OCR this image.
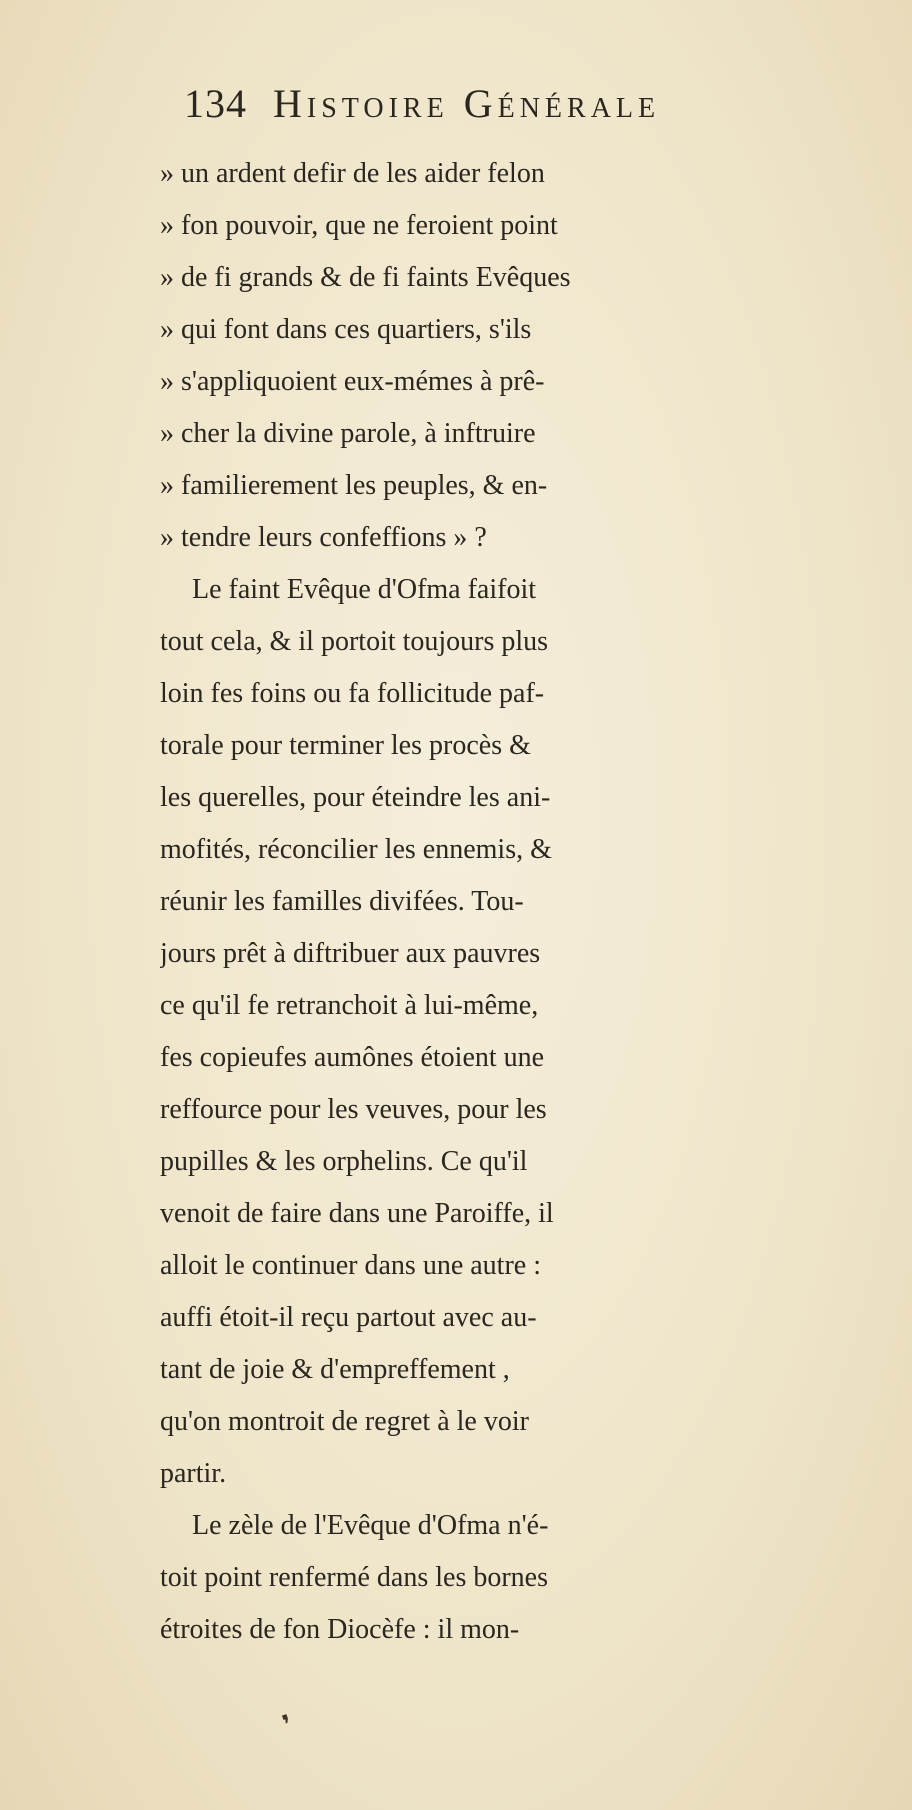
134 Histoire Générale
» un ardent defir de les aider felon
» fon pouvoir, que ne feroient point
» de fi grands & de fi faints Evêques
» qui font dans ces quartiers, s'ils
» s'appliquoient eux-mémes à prê-
» cher la divine parole, à inftruire
» familierement les peuples, & en-
» tendre leurs confeffions » ?
Le faint Evêque d'Ofma faifoit
tout cela, & il portoit toujours plus
loin fes foins ou fa follicitude paf-
torale pour terminer les procès &
les querelles, pour éteindre les ani-
mofités, réconcilier les ennemis, &
réunir les familles divifées. Tou-
jours prêt à diftribuer aux pauvres
ce qu'il fe retranchoit à lui-même,
fes copieufes aumônes étoient une
reffource pour les veuves, pour les
pupilles & les orphelins. Ce qu'il
venoit de faire dans une Paroiffe, il
alloit le continuer dans une autre :
auffi étoit-il reçu partout avec au-
tant de joie & d'empreffement ,
qu'on montroit de regret à le voir
partir.
Le zèle de l'Evêque d'Ofma n'é-
toit point renfermé dans les bornes
étroites de fon Diocèfe : il mon-
❜
